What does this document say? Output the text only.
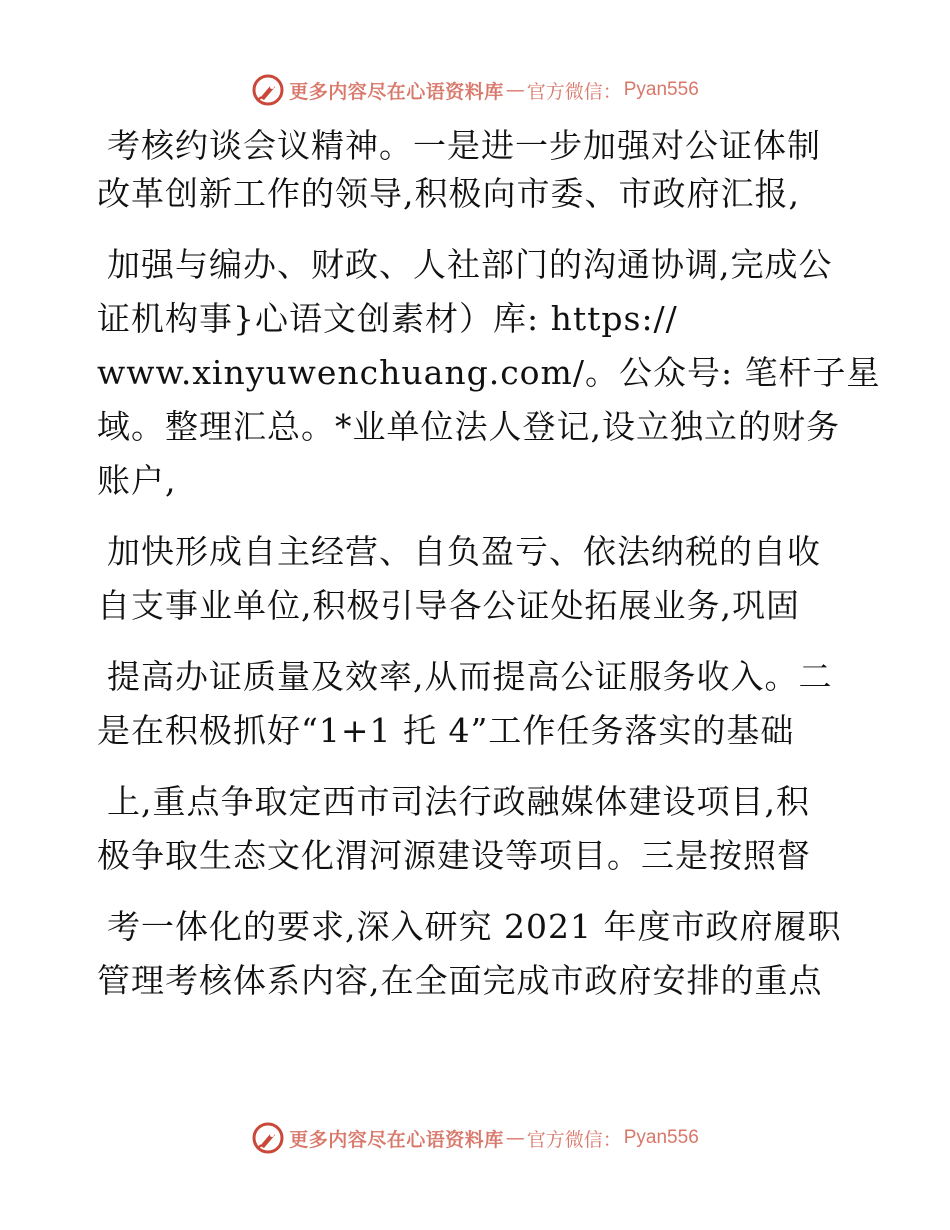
更多内容尽在心语资料库 — 官方微信： Pyan556
考核约谈会议精神。一是进一步加强对公证体制
改革创新工作的领导,积极向市委、市政府汇报,
加强与编办、财政、人社部门的沟通协调,完成公
证机构事}心语文创素材）库: https://
www.xinyuwenchuang.com/。公众号: 笔杆子星
域。整理汇总。*业单位法人登记,设立独立的财务
账户,
加快形成自主经营、自负盈亏、依法纳税的自收
自支事业单位,积极引导各公证处拓展业务,巩固
提高办证质量及效率,从而提高公证服务收入。二
是在积极抓好“1+1 托 4”工作任务落实的基础
上,重点争取定西市司法行政融媒体建设项目,积
极争取生态文化渭河源建设等项目。三是按照督
考一体化的要求,深入研究 2021 年度市政府履职
管理考核体系内容,在全面完成市政府安排的重点
更多内容尽在心语资料库 — 官方微信： Pyan556
